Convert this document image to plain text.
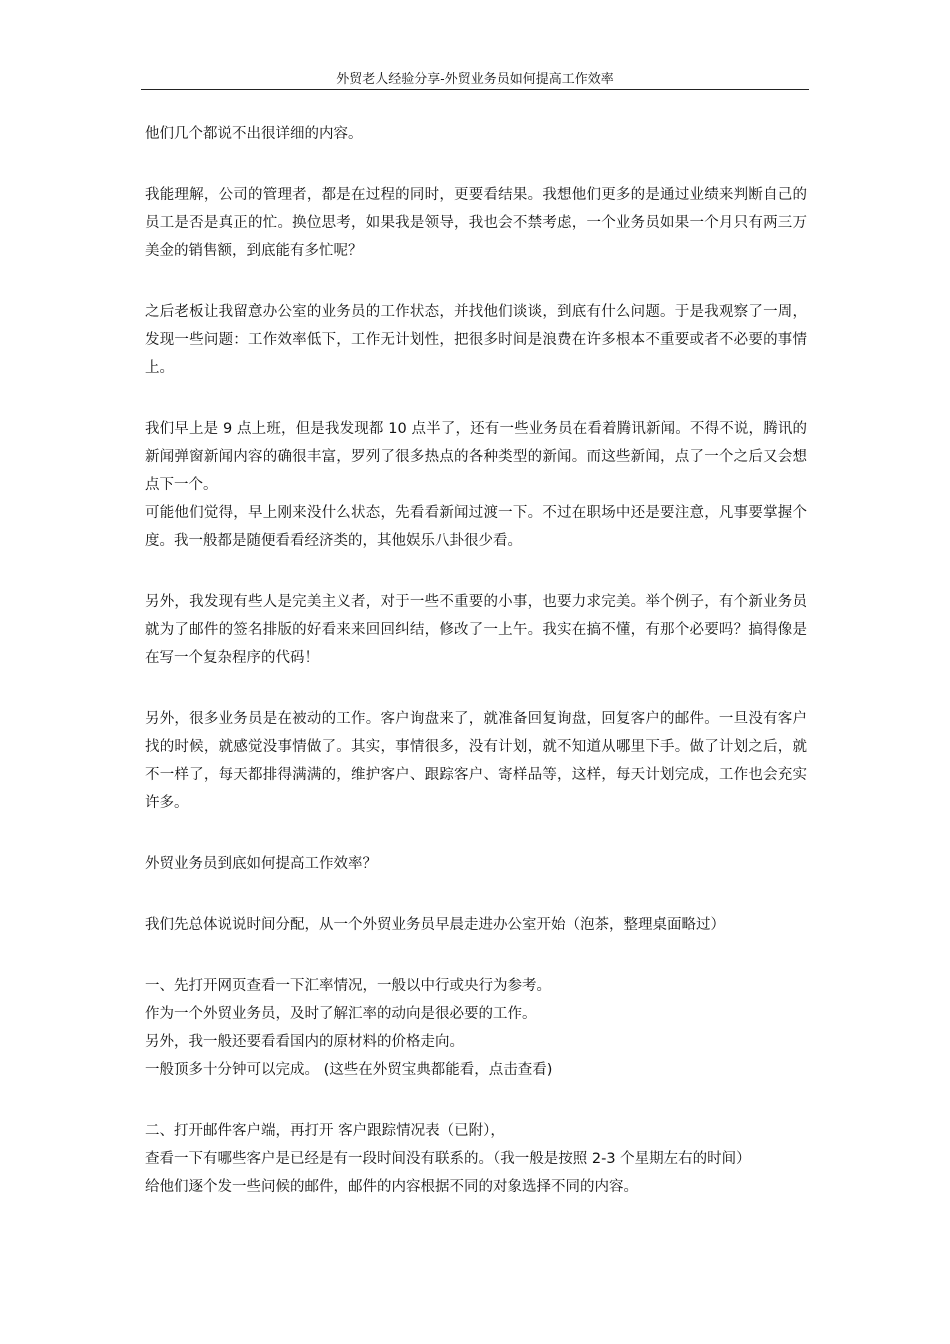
外贸老人经验分享-外贸业务员如何提高工作效率

他们几个都说不出很详细的内容。

我能理解，公司的管理者，都是在过程的同时，更要看结果。我想他们更多的是通过业绩来判断自己的员工是否是真正的忙。换位思考，如果我是领导，我也会不禁考虑，一个业务员如果一个月只有两三万美金的销售额，到底能有多忙呢？

之后老板让我留意办公室的业务员的工作状态，并找他们谈谈，到底有什么问题。于是我观察了一周，发现一些问题：工作效率低下，工作无计划性，把很多时间是浪费在许多根本不重要或者不必要的事情上。

我们早上是 9 点上班，但是我发现都 10 点半了，还有一些业务员在看着腾讯新闻。不得不说，腾讯的新闻弹窗新闻内容的确很丰富，罗列了很多热点的各种类型的新闻。而这些新闻，点了一个之后又会想点下一个。
可能他们觉得，早上刚来没什么状态，先看看新闻过渡一下。不过在职场中还是要注意，凡事要掌握个度。我一般都是随便看看经济类的，其他娱乐八卦很少看。

另外，我发现有些人是完美主义者，对于一些不重要的小事，也要力求完美。举个例子，有个新业务员就为了邮件的签名排版的好看来来回回纠结，修改了一上午。我实在搞不懂，有那个必要吗？搞得像是在写一个复杂程序的代码！

另外，很多业务员是在被动的工作。客户询盘来了，就准备回复询盘，回复客户的邮件。一旦没有客户找的时候，就感觉没事情做了。其实，事情很多，没有计划，就不知道从哪里下手。做了计划之后，就不一样了，每天都排得满满的，维护客户、跟踪客户、寄样品等，这样，每天计划完成，工作也会充实许多。

外贸业务员到底如何提高工作效率？

我们先总体说说时间分配，从一个外贸业务员早晨走进办公室开始（泡茶，整理桌面略过）

一、先打开网页查看一下汇率情况，一般以中行或央行为参考。
作为一个外贸业务员，及时了解汇率的动向是很必要的工作。
另外，我一般还要看看国内的原材料的价格走向。
一般顶多十分钟可以完成。 (这些在外贸宝典都能看，点击查看)

二、打开邮件客户端，再打开 客户跟踪情况表（已附），
查看一下有哪些客户是已经是有一段时间没有联系的。（我一般是按照 2-3 个星期左右的时间）
给他们逐个发一些问候的邮件，邮件的内容根据不同的对象选择不同的内容。
